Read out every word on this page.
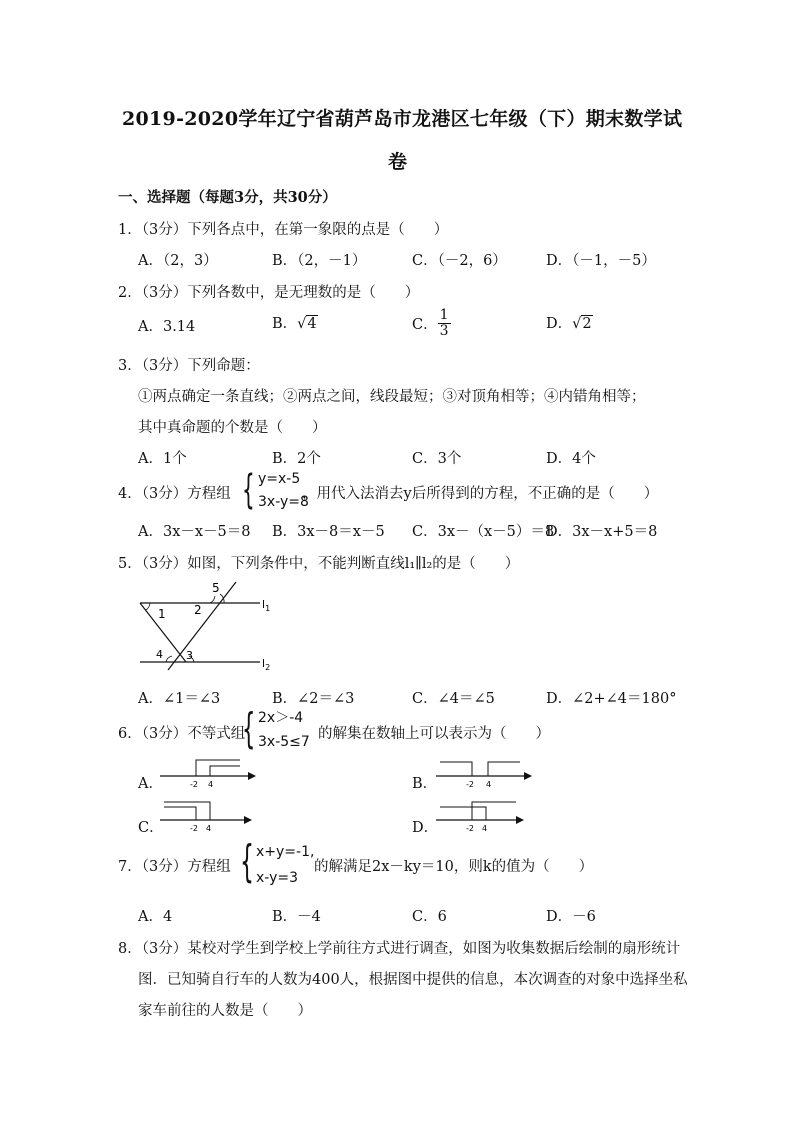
2019-2020学年辽宁省葫芦岛市龙港区七年级（下）期末数学试
卷
一、选择题（每题3分，共30分）
1．（3分）下列各点中，在第一象限的点是（　　）
A．（2，3）	B．（2，－1）	C．（－2，6）	D．（－1，－5）
2．（3分）下列各数中，是无理数的是（　　）
A．3.14	B．√4	C． $\frac{1}{3}$	D．√2
3．（3分）下列命题：
①两点确定一条直线；②两点之间，线段最短；③对顶角相等；④内错角相等；
其中真命题的个数是（　　）
A．1个	B．2个	C．3个	D．4个
4．（3分）方程组 { y=x-5
3x-y=8
，用代入法消去y后所得到的方程，不正确的是（　　）
A．3x－x－5＝8 B．3x－8＝x－5 C．3x－（x－5）＝8
D．3x－x+5＝8
5．（3分）如图，下列条件中，不能判断直线l₁∥l₂的是（　　）
1 2
3
4
5
$l_1$
$l_2$
A．∠1＝∠3	B．∠2＝∠3	C．∠4＝∠5	D．∠2+∠4＝180°
6．（3分）不等式组
{ 2x＞-4
3x-5≤7 的解集在数轴上可以表示为（　　）
A．	-2 4	B．	-2 4
C．	-2 4	D．	-2 4
7．（3分）方程组 { x+y=-1,
x-y=3
的解满足2x－ky＝10，则k的值为（　　）
A．4	B．－4	C．6	D．－6
8．（3分）某校对学生到学校上学前往方式进行调查，如图为收集数据后绘制的扇形统计
图．已知骑自行车的人数为400人，根据图中提供的信息，本次调查的对象中选择坐私
家车前往的人数是（　　）
